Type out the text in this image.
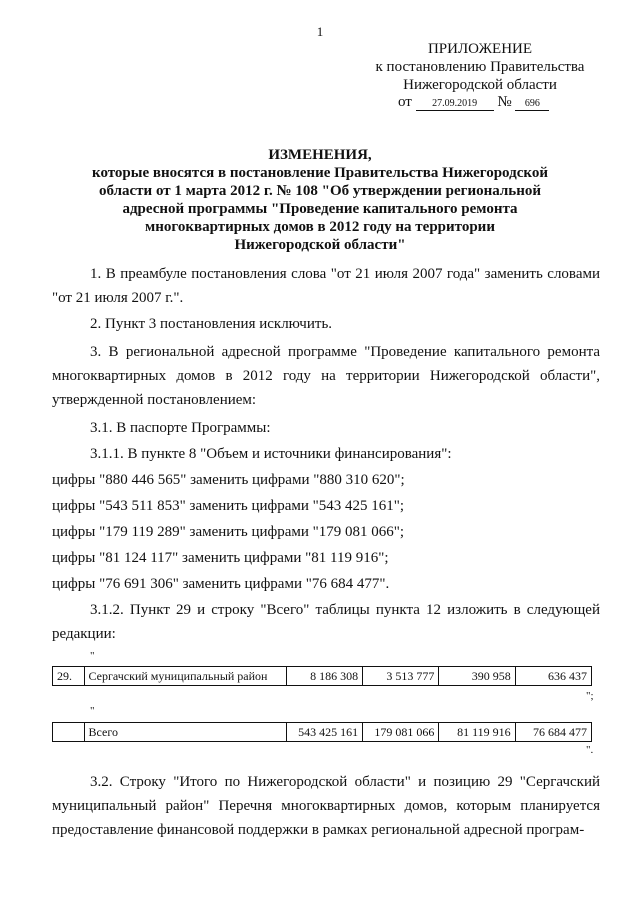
1
ПРИЛОЖЕНИЕ
к постановлению Правительства
Нижегородской области
от 27.09.2019 № 696
ИЗМЕНЕНИЯ,
которые вносятся в постановление Правительства Нижегородской
области от 1 марта 2012 г. № 108 "Об утверждении региональной
адресной программы "Проведение капитального ремонта
многоквартирных домов в 2012 году на территории
Нижегородской области"
1. В преамбуле постановления слова "от 21 июля 2007 года" заменить словами "от 21 июля 2007 г.".
2. Пункт 3 постановления исключить.
3. В региональной адресной программе "Проведение капитального ремонта многоквартирных домов в 2012 году на территории Нижегородской области", утвержденной постановлением:
3.1. В паспорте Программы:
3.1.1. В пункте 8 "Объем и источники финансирования":
цифры "880 446 565" заменить цифрами "880 310 620";
цифры "543 511 853" заменить цифрами "543 425 161";
цифры "179 119 289" заменить цифрами "179 081 066";
цифры "81 124 117" заменить цифрами "81 119 916";
цифры "76 691 306" заменить цифрами "76 684 477".
3.1.2. Пункт 29 и строку "Всего" таблицы пункта 12 изложить в следующей редакции:
"
29.	Сергачский муниципальный район	8 186 308	3 513 777	390 958	636 437
";
"
	Всего	543 425 161	179 081 066	81 119 916	76 684 477
".
3.2. Строку "Итого по Нижегородской области" и позицию 29 "Сергачский муниципальный район" Перечня многоквартирных домов, которым планируется предоставление финансовой поддержки в рамках региональной адресной програм-
